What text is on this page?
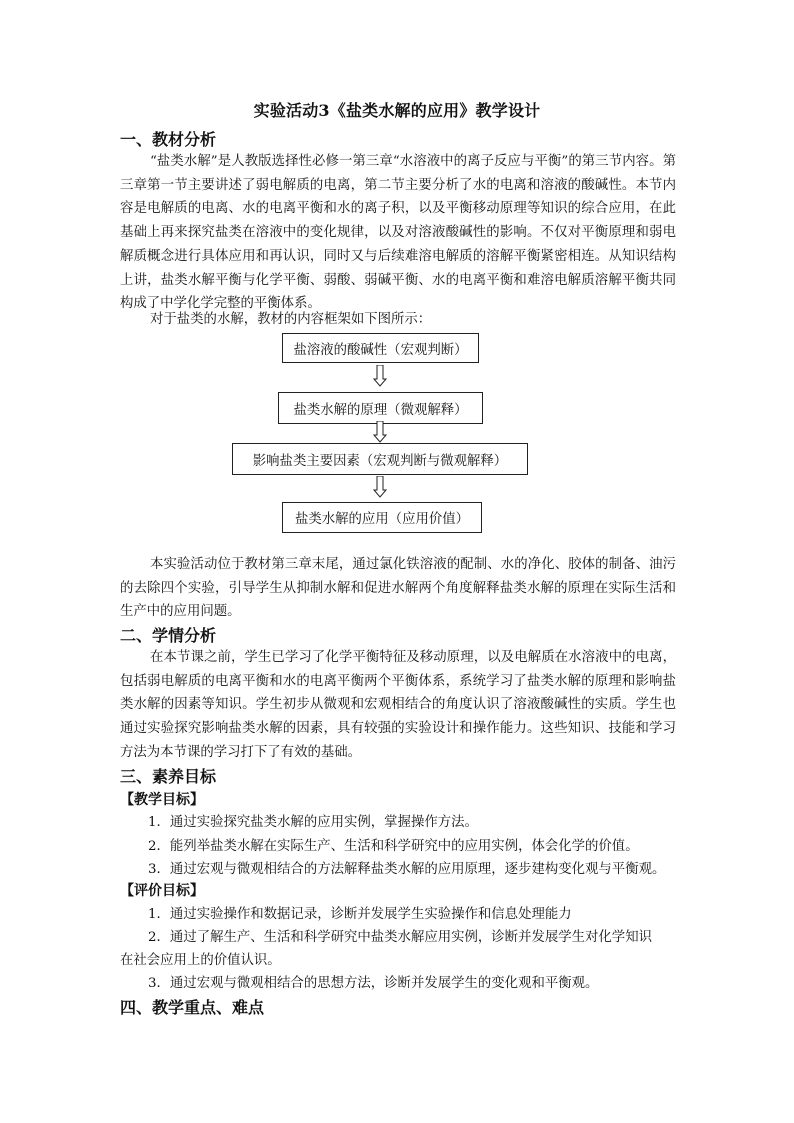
实验活动3《盐类水解的应用》教学设计
一、教材分析
“盐类水解”是人教版选择性必修一第三章“水溶液中的离子反应与平衡”的第三节内容。第三章第一节主要讲述了弱电解质的电离，第二节主要分析了水的电离和溶液的酸碱性。本节内容是电解质的电离、水的电离平衡和水的离子积，以及平衡移动原理等知识的综合应用，在此基础上再来探究盐类在溶液中的变化规律，以及对溶液酸碱性的影响。不仅对平衡原理和弱电解质概念进行具体应用和再认识，同时又与后续难溶电解质的溶解平衡紧密相连。从知识结构上讲，盐类水解平衡与化学平衡、弱酸、弱碱平衡、水的电离平衡和难溶电解质溶解平衡共同构成了中学化学完整的平衡体系。
对于盐类的水解，教材的内容框架如下图所示：
盐溶液的酸碱性（宏观判断）
盐类水解的原理（微观解释）
影响盐类主要因素（宏观判断与微观解释）
盐类水解的应用（应用价值）
本实验活动位于教材第三章末尾，通过氯化铁溶液的配制、水的净化、胶体的制备、油污的去除四个实验，引导学生从抑制水解和促进水解两个角度解释盐类水解的原理在实际生活和生产中的应用问题。
二、学情分析
在本节课之前，学生已学习了化学平衡特征及移动原理，以及电解质在水溶液中的电离，包括弱电解质的电离平衡和水的电离平衡两个平衡体系，系统学习了盐类水解的原理和影响盐类水解的因素等知识。学生初步从微观和宏观相结合的角度认识了溶液酸碱性的实质。学生也通过实验探究影响盐类水解的因素，具有较强的实验设计和操作能力。这些知识、技能和学习方法为本节课的学习打下了有效的基础。
三、素养目标
【教学目标】
1．通过实验探究盐类水解的应用实例，掌握操作方法。
2．能列举盐类水解在实际生产、生活和科学研究中的应用实例，体会化学的价值。
3．通过宏观与微观相结合的方法解释盐类水解的应用原理，逐步建构变化观与平衡观。
【评价目标】
1．通过实验操作和数据记录，诊断并发展学生实验操作和信息处理能力
2．通过了解生产、生活和科学研究中盐类水解应用实例，诊断并发展学生对化学知识
在社会应用上的价值认识。
3．通过宏观与微观相结合的思想方法，诊断并发展学生的变化观和平衡观。
四、教学重点、难点
